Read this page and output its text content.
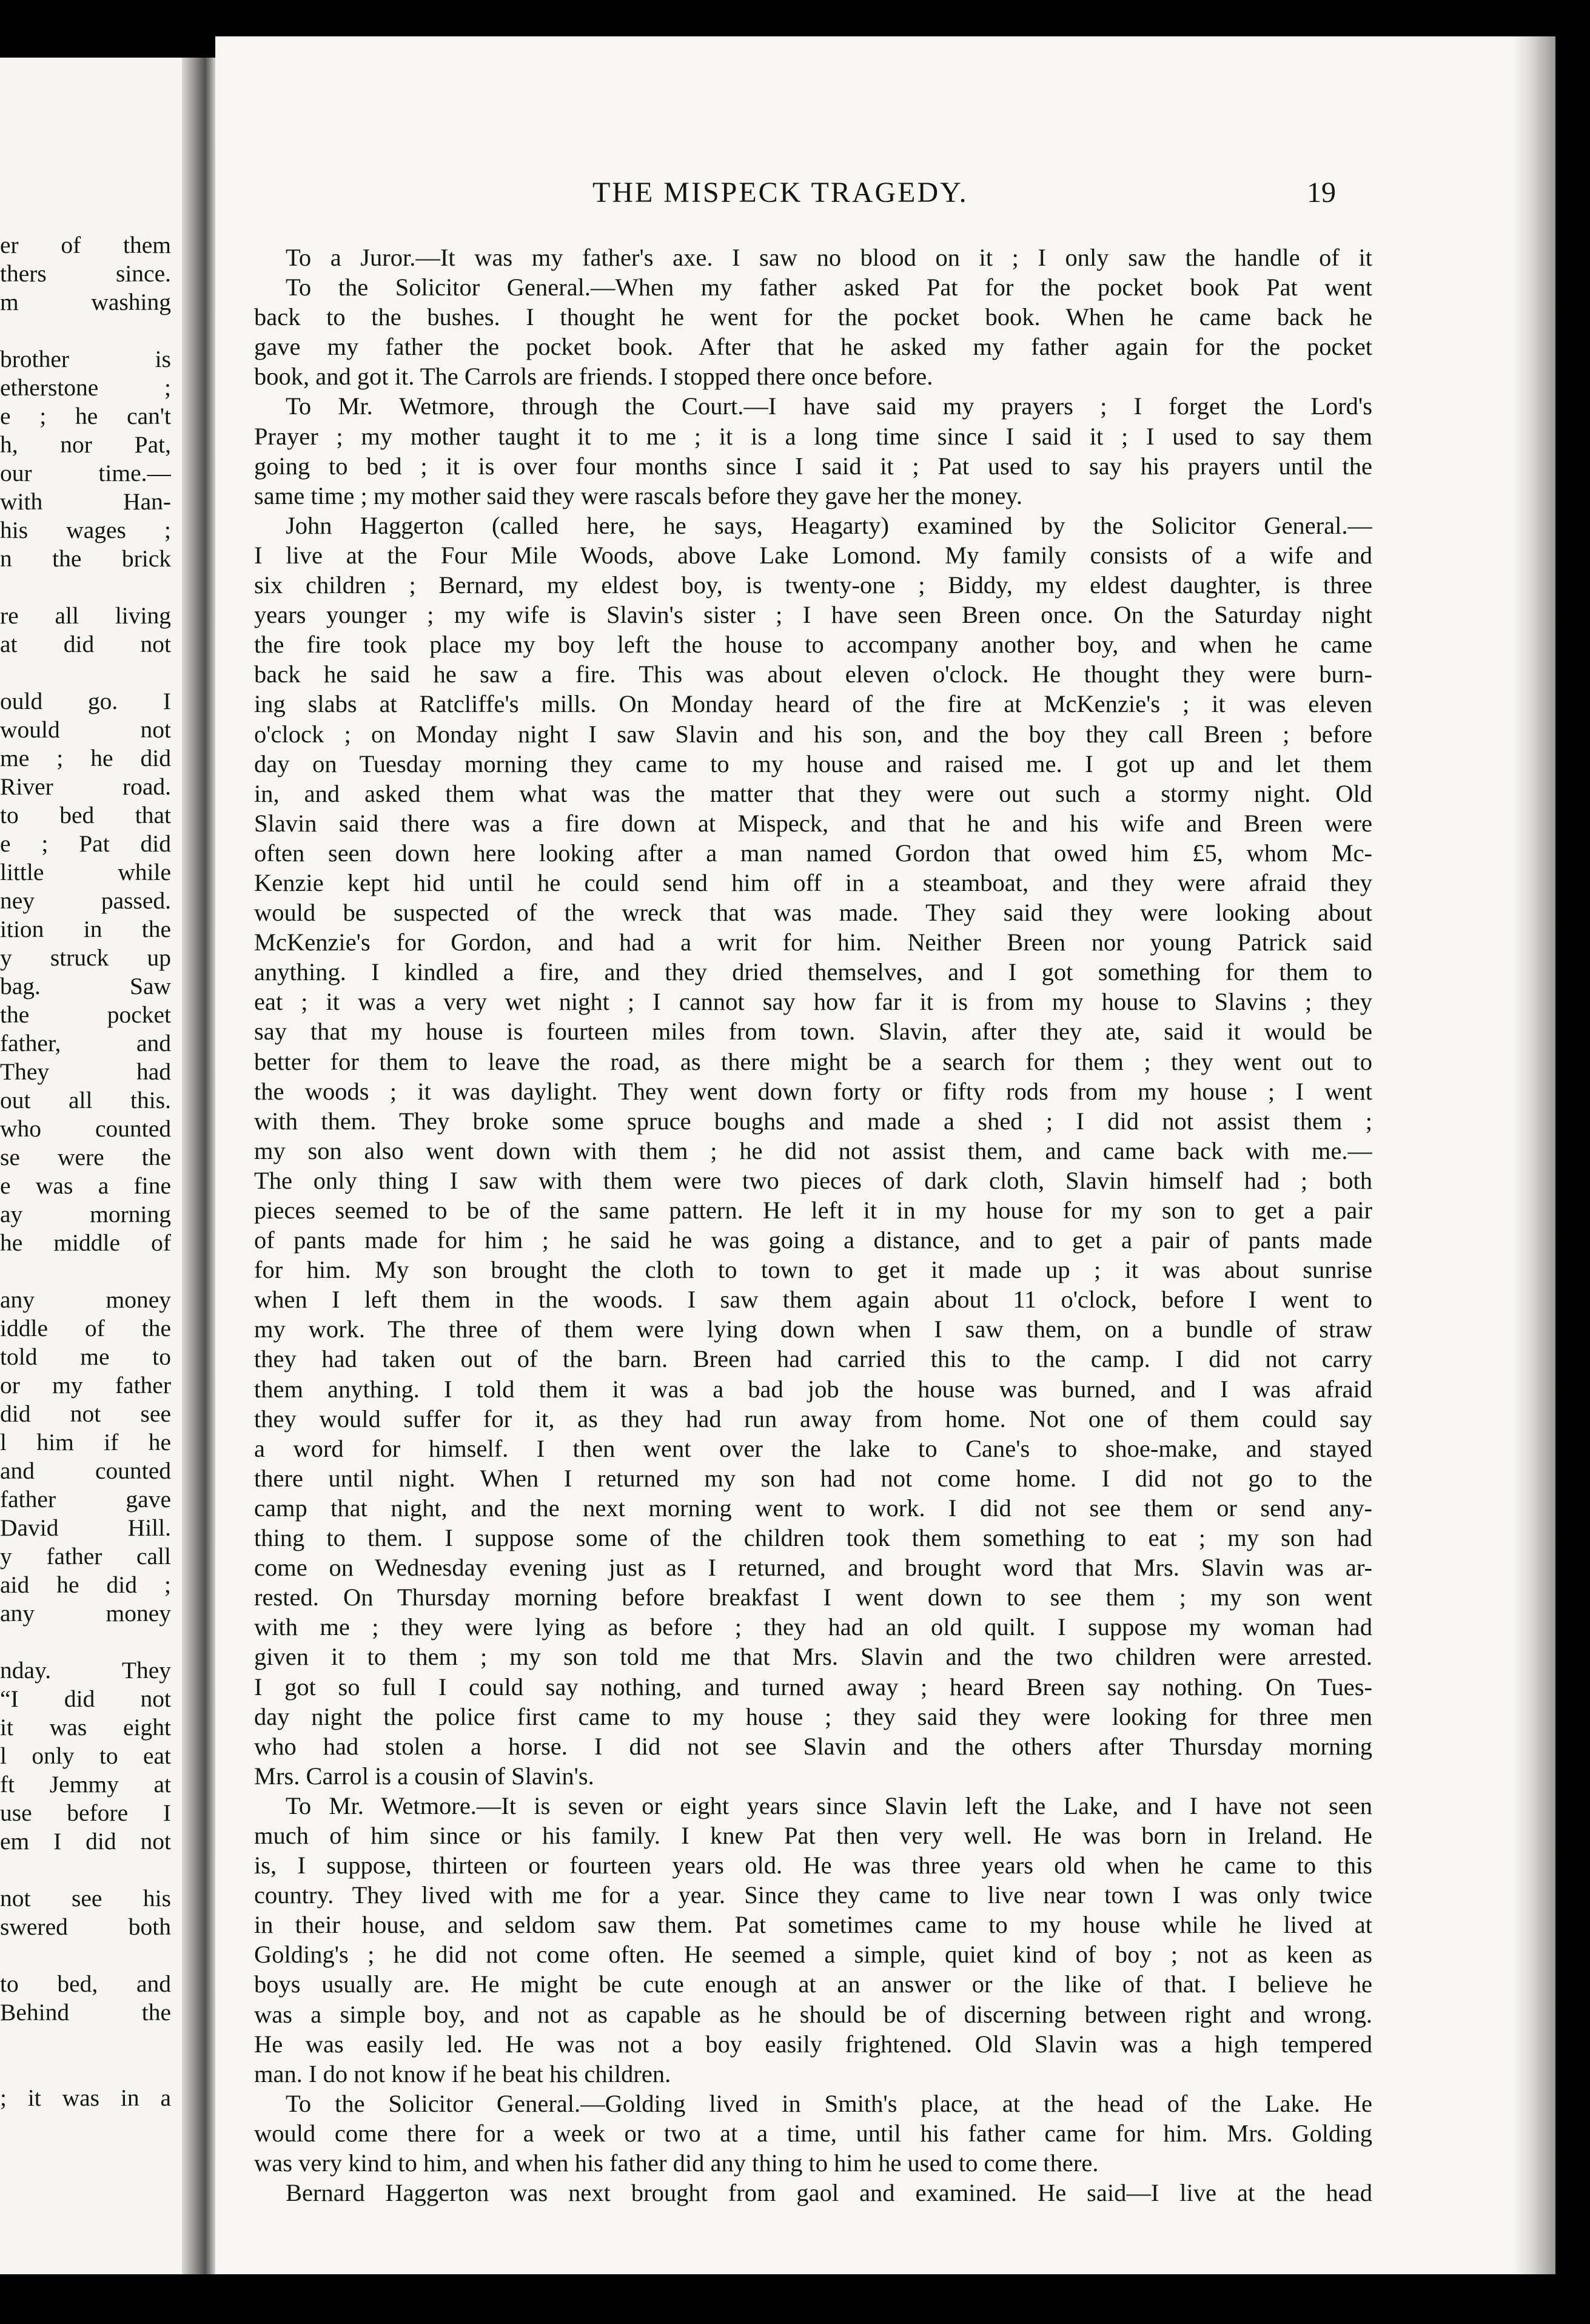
er of them
thers since.
m washing
brother is
etherstone ;
e ; he can't
h, nor Pat,
our time.—
with Han-
his wages ;
n the brick
re all living
at did not
ould go. I
would not
me ; he did
River road.
to bed that
e ; Pat did
little while
ney passed.
ition in the
y struck up
bag. Saw
the pocket
father, and
They had
out all this.
who counted
se were the
e was a fine
ay morning
he middle of
any money
iddle of the
told me to
or my father
did not see
l him if he
and counted
father gave
David Hill.
y father call
aid he did ;
any money
nday. They
“I did not
it was eight
l only to eat
ft Jemmy at
use before I
em I did not
not see his
swered both
to bed, and
Behind the
; it was in a
THE MISPECK TRAGEDY.	19
To a Juror.—It was my father's axe. I saw no blood on it ; I only saw the handle of it
To the Solicitor General.—When my father asked Pat for the pocket book Pat went
back to the bushes. I thought he went for the pocket book. When he came back he
gave my father the pocket book. After that he asked my father again for the pocket
book, and got it. The Carrols are friends. I stopped there once before.
To Mr. Wetmore, through the Court.—I have said my prayers ; I forget the Lord's
Prayer ; my mother taught it to me ; it is a long time since I said it ; I used to say them
going to bed ; it is over four months since I said it ; Pat used to say his prayers until the
same time ; my mother said they were rascals before they gave her the money.
John Haggerton (called here, he says, Heagarty) examined by the Solicitor General.—
I live at the Four Mile Woods, above Lake Lomond. My family consists of a wife and
six children ; Bernard, my eldest boy, is twenty-one ; Biddy, my eldest daughter, is three
years younger ; my wife is Slavin's sister ; I have seen Breen once. On the Saturday night
the fire took place my boy left the house to accompany another boy, and when he came
back he said he saw a fire. This was about eleven o'clock. He thought they were burn-
ing slabs at Ratcliffe's mills. On Monday heard of the fire at McKenzie's ; it was eleven
o'clock ; on Monday night I saw Slavin and his son, and the boy they call Breen ; before
day on Tuesday morning they came to my house and raised me. I got up and let them
in, and asked them what was the matter that they were out such a stormy night. Old
Slavin said there was a fire down at Mispeck, and that he and his wife and Breen were
often seen down here looking after a man named Gordon that owed him £5, whom Mc-
Kenzie kept hid until he could send him off in a steamboat, and they were afraid they
would be suspected of the wreck that was made. They said they were looking about
McKenzie's for Gordon, and had a writ for him. Neither Breen nor young Patrick said
anything. I kindled a fire, and they dried themselves, and I got something for them to
eat ; it was a very wet night ; I cannot say how far it is from my house to Slavins ; they
say that my house is fourteen miles from town. Slavin, after they ate, said it would be
better for them to leave the road, as there might be a search for them ; they went out to
the woods ; it was daylight. They went down forty or fifty rods from my house ; I went
with them. They broke some spruce boughs and made a shed ; I did not assist them ;
my son also went down with them ; he did not assist them, and came back with me.—
The only thing I saw with them were two pieces of dark cloth, Slavin himself had ; both
pieces seemed to be of the same pattern. He left it in my house for my son to get a pair
of pants made for him ; he said he was going a distance, and to get a pair of pants made
for him. My son brought the cloth to town to get it made up ; it was about sunrise
when I left them in the woods. I saw them again about 11 o'clock, before I went to
my work. The three of them were lying down when I saw them, on a bundle of straw
they had taken out of the barn. Breen had carried this to the camp. I did not carry
them anything. I told them it was a bad job the house was burned, and I was afraid
they would suffer for it, as they had run away from home. Not one of them could say
a word for himself. I then went over the lake to Cane's to shoe-make, and stayed
there until night. When I returned my son had not come home. I did not go to the
camp that night, and the next morning went to work. I did not see them or send any-
thing to them. I suppose some of the children took them something to eat ; my son had
come on Wednesday evening just as I returned, and brought word that Mrs. Slavin was ar-
rested. On Thursday morning before breakfast I went down to see them ; my son went
with me ; they were lying as before ; they had an old quilt. I suppose my woman had
given it to them ; my son told me that Mrs. Slavin and the two children were arrested.
I got so full I could say nothing, and turned away ; heard Breen say nothing. On Tues-
day night the police first came to my house ; they said they were looking for three men
who had stolen a horse. I did not see Slavin and the others after Thursday morning
Mrs. Carrol is a cousin of Slavin's.
To Mr. Wetmore.—It is seven or eight years since Slavin left the Lake, and I have not seen
much of him since or his family. I knew Pat then very well. He was born in Ireland. He
is, I suppose, thirteen or fourteen years old. He was three years old when he came to this
country. They lived with me for a year. Since they came to live near town I was only twice
in their house, and seldom saw them. Pat sometimes came to my house while he lived at
Golding's ; he did not come often. He seemed a simple, quiet kind of boy ; not as keen as
boys usually are. He might be cute enough at an answer or the like of that. I believe he
was a simple boy, and not as capable as he should be of discerning between right and wrong.
He was easily led. He was not a boy easily frightened. Old Slavin was a high tempered
man. I do not know if he beat his children.
To the Solicitor General.—Golding lived in Smith's place, at the head of the Lake. He
would come there for a week or two at a time, until his father came for him. Mrs. Golding
was very kind to him, and when his father did any thing to him he used to come there.
Bernard Haggerton was next brought from gaol and examined. He said—I live at the head
